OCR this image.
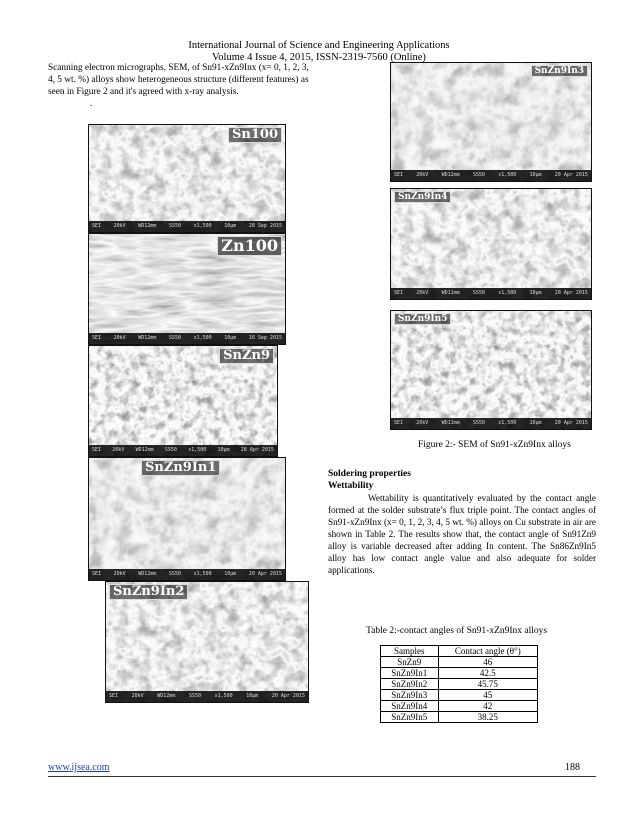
International Journal of Science and Engineering Applications
Volume 4 Issue 4, 2015, ISSN-2319-7560 (Online)
Scanning electron micrographs, SEM, of Sn91-xZn9Inx (x= 0, 1, 2, 3, 4, 5 wt. %) alloys show heterogeneous structure (different features) as seen in Figure 2 and it's agreed with x-ray analysis.
.
Sn100
SEI	20kV	WD12mm	SS50	x1,500	10µm	28 Sep 2015
Zn100
SEI	20kV	WD12mm	SS50	x1,500	10µm	16 Sep 2015
SnZn9
SEI 20kV WD12mm SS50 x1,500 10µm 28 Apr 2015
SnZn9In1
SEI	20kV	WD12mm	SS50	x1,500	10µm	20 Apr 2015
SnZn9In2
SEI	20kV	WD12mm	SS50	x1,500	10µm	20 Apr 2015
SnZn9In3
SEI	20kV	WD12mm	SS50	x1,500	10µm	20 Apr 2015
SnZn9In4
SEI	20kV	WD11mm	SS50	x1,500	10µm	20 Apr 2015
SnZn9In5
SEI	20kV	WD11mm	SS50	x1,500	10µm	20 Apr 2015
Figure 2:- SEM of Sn91-xZn9Inx alloys
Soldering properties
Wettability
Wettability is quantitatively evaluated by the contact angle formed at the solder substrate’s flux triple point. The contact angles of Sn91-xZn9Inx (x= 0, 1, 2, 3, 4, 5 wt. %) alloys on Cu substrate in air are shown in Table 2. The results show that, the contact angle of Sn91Zn9 alloy is variable decreased after adding In content. The Sn86Zn9In5 alloy has low contact angle value and also adequate for solder applications.
Table 2:-contact angles of Sn91-xZn9Inx alloys
Samples	Contact angle (θ°)
SnZn9	46
SnZn9In1	42.5
SnZn9In2	45.75
SnZn9In3	45
SnZn9In4	42
SnZn9In5	38.25
www.ijsea.com	188
